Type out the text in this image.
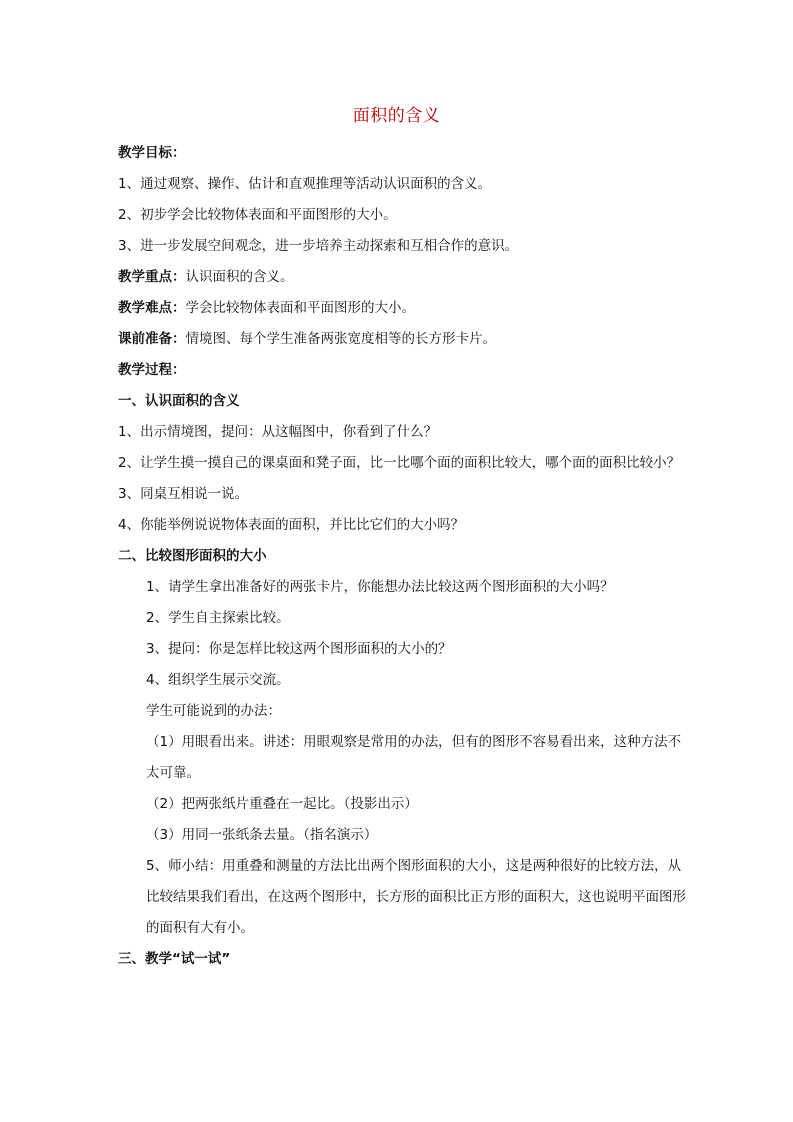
面积的含义

教学目标：

1、通过观察、操作、估计和直观推理等活动认识面积的含义。

2、初步学会比较物体表面和平面图形的大小。

3、进一步发展空间观念，进一步培养主动探索和互相合作的意识。

教学重点：认识面积的含义。

教学难点：学会比较物体表面和平面图形的大小。

课前准备：情境图、每个学生准备两张宽度相等的长方形卡片。

教学过程：

一、认识面积的含义

1、出示情境图，提问：从这幅图中，你看到了什么？

2、让学生摸一摸自己的课桌面和凳子面，比一比哪个面的面积比较大，哪个面的面积比较小？

3、同桌互相说一说。

4、你能举例说说物体表面的面积，并比比它们的大小吗？

二、比较图形面积的大小

1、请学生拿出准备好的两张卡片，你能想办法比较这两个图形面积的大小吗？

2、学生自主探索比较。

3、提问：你是怎样比较这两个图形面积的大小的？

4、组织学生展示交流。

学生可能说到的办法：

（1）用眼看出来。讲述：用眼观察是常用的办法，但有的图形不容易看出来，这种方法不太可靠。

（2）把两张纸片重叠在一起比。（投影出示）

（3）用同一张纸条去量。（指名演示）

5、师小结：用重叠和测量的方法比出两个图形面积的大小，这是两种很好的比较方法，从比较结果我们看出，在这两个图形中，长方形的面积比正方形的面积大，这也说明平面图形的面积有大有小。

三、教学“试一试”
